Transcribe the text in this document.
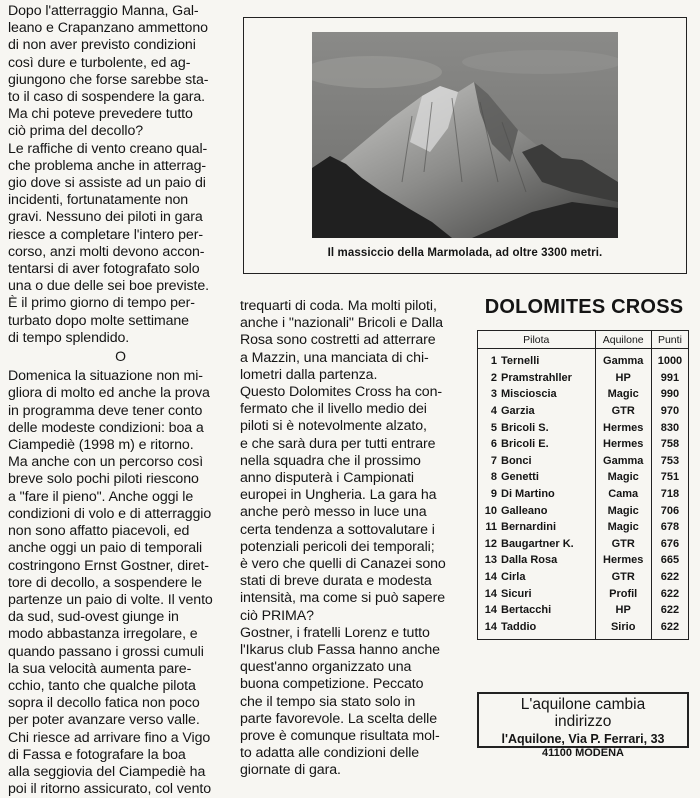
Dopo l'atterraggio Manna, Gal-

leano e Crapanzano ammettono

di non aver previsto condizioni

così dure e turbolente, ed ag-

giungono che forse sarebbe sta-

to il caso di sospendere la gara.

Ma chi poteve prevedere tutto

ciò prima del decollo?

Le raffiche di vento creano qual-

che problema anche in atterrag-

gio dove si assiste ad un paio di

incidenti, fortunatamente non

gravi. Nessuno dei piloti in gara

riesce a completare l'intero per-

corso, anzi molti devono accon-

tentarsi di aver fotografato solo

una o due delle sei boe previste.

È il primo giorno di tempo per-

turbato dopo molte settimane

di tempo splendido.

O

Domenica la situazione non mi-

gliora di molto ed anche la prova

in programma deve tener conto

delle modeste condizioni: boa a

Ciampediè (1998 m) e ritorno.

Ma anche con un percorso così

breve solo pochi piloti riescono

a "fare il pieno". Anche oggi le

condizioni di volo e di atterraggio

non sono affatto piacevoli, ed

anche oggi un paio di temporali

costringono Ernst Gostner, diret-

tore di decollo, a sospendere le

partenze un paio di volte. Il vento

da sud, sud-ovest giunge in

modo abbastanza irregolare, e

quando passano i grossi cumuli

la sua velocità aumenta pare-

cchio, tanto che qualche pilota

sopra il decollo fatica non poco

per poter avanzare verso valle.

Chi riesce ad arrivare fino a Vigo

di Fassa e fotografare la boa

alla seggiovia del Ciampediè ha

poi il ritorno assicurato, col vento

Il massiccio della Marmolada, ad oltre 3300 metri.

trequarti di coda. Ma molti piloti,

anche i "nazionali" Bricoli e Dalla

Rosa sono costretti ad atterrare

a Mazzin, una manciata di chi-

lometri dalla partenza.

Questo Dolomites Cross ha con-

fermato che il livello medio dei

piloti si è notevolmente alzato,

e che sarà dura per tutti entrare

nella squadra che il prossimo

anno disputerà i Campionati

europei in Ungheria. La gara ha

anche però messo in luce una

certa tendenza a sottovalutare i

potenziali pericoli dei temporali;

è vero che quelli di Canazei sono

stati di breve durata e modesta

intensità, ma come si può sapere

ciò PRIMA?

Gostner, i fratelli Lorenz e tutto

l'Ikarus club Fassa hanno anche

quest'anno organizzato una

buona competizione. Peccato

che il tempo sia stato solo in

parte favorevole. La scelta delle

prove è comunque risultata mol-

to adatta alle condizioni delle

giornate di gara.

DOLOMITES CROSS
Pilota	Aquilone	Punti
1 Ternelli	Gamma	1000
2 Pramstrahller	HP	991
3 Miscioscia	Magic	990
4 Garzia	GTR	970
5 Bricoli S.	Hermes	830
6 Bricoli E.	Hermes	758
7 Bonci	Gamma	753
8 Genetti	Magic	751
9 Di Martino	Cama	718
10 Galleano	Magic	706
11 Bernardini	Magic	678
12 Baugartner K.	GTR	676
13 Dalla Rosa	Hermes	665
14 Cirla	GTR	622
14 Sicuri	Profil	622
14 Bertacchi	HP	622
14 Taddio	Sirio	622
L'aquilone cambia
indirizzo
l'Aquilone, Via P. Ferrari, 33
41100 MODENA
